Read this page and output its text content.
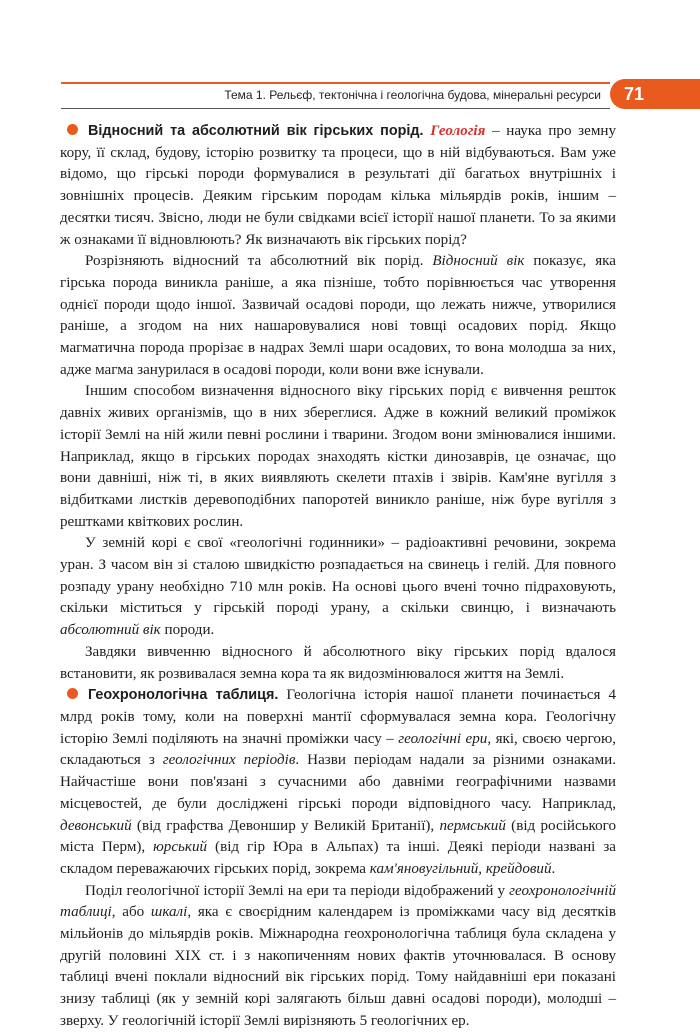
Тема 1. Рельєф, тектонічна і геологічна будова, мінеральні ресурси	71

Відносний та абсолютний вік гірських порід. Геологія – наука про земну кору, її склад, будову, історію розвитку та процеси, що в ній відбуваються. Вам уже відомо, що гірські породи формувалися в результаті дії багатьох внутрішніх і зовнішніх процесів. Деяким гірським породам кілька мільярдів років, іншим – десятки тисяч. Звісно, люди не були свідками всієї історії нашої планети. То за якими ж ознаками її відновлюють? Як визначають вік гірських порід?

Розрізняють відносний та абсолютний вік порід. Відносний вік показує, яка гірська порода виникла раніше, а яка пізніше, тобто порівнюється час утворення однієї породи щодо іншої. Зазвичай осадові породи, що лежать нижче, утворилися раніше, а згодом на них нашаровувалися нові товщі осадових порід. Якщо магматична порода прорізає в надрах Землі шари осадових, то вона молодша за них, адже магма занурилася в осадові породи, коли вони вже існували.

Іншим способом визначення відносного віку гірських порід є вивчення решток давніх живих організмів, що в них збереглися. Адже в кожний великий проміжок історії Землі на ній жили певні рослини і тварини. Згодом вони змінювалися іншими. Наприклад, якщо в гірських породах знаходять кістки динозаврів, це означає, що вони давніші, ніж ті, в яких виявляють скелети птахів і звірів. Кам'яне вугілля з відбитками листків деревоподібних папоротей виникло раніше, ніж буре вугілля з рештками квіткових рослин.

У земній корі є свої «геологічні годинники» – радіоактивні речовини, зокрема уран. З часом він зі сталою швидкістю розпадається на свинець і гелій. Для повного розпаду урану необхідно 710 млн років. На основі цього вчені точно підраховують, скільки міститься у гірській породі урану, а скільки свинцю, і визначають абсолютний вік породи.

Завдяки вивченню відносного й абсолютного віку гірських порід вдалося встановити, як розвивалася земна кора та як видозмінювалося життя на Землі.

Геохронологічна таблиця. Геологічна історія нашої планети починається 4 млрд років тому, коли на поверхні мантії сформувалася земна кора. Геологічну історію Землі поділяють на значні проміжки часу – геологічні ери, які, своєю чергою, складаються з геологічних періодів. Назви періодам надали за різними ознаками. Найчастіше вони пов'язані з сучасними або давніми географічними назвами місцевостей, де були досліджені гірські породи відповідного часу. Наприклад, девонський (від графства Девоншир у Великій Британії), пермський (від російського міста Перм), юрський (від гір Юра в Альпах) та інші. Деякі періоди названі за складом переважаючих гірських порід, зокрема кам'яновугільний, крейдовий.

Поділ геологічної історії Землі на ери та періоди відображений у геохронологічній таблиці, або шкалі, яка є своєрідним календарем із проміжками часу від десятків мільйонів до мільярдів років. Міжнародна геохронологічна таблиця була складена у другій половині XIX ст. і з накопиченням нових фактів уточнювалася. В основу таблиці вчені поклали відносний вік гірських порід. Тому найдавніші ери показані знизу таблиці (як у земній корі залягають більш давні осадові породи), молодші – зверху. У геологічній історії Землі вирізняють 5 геологічних ер.
